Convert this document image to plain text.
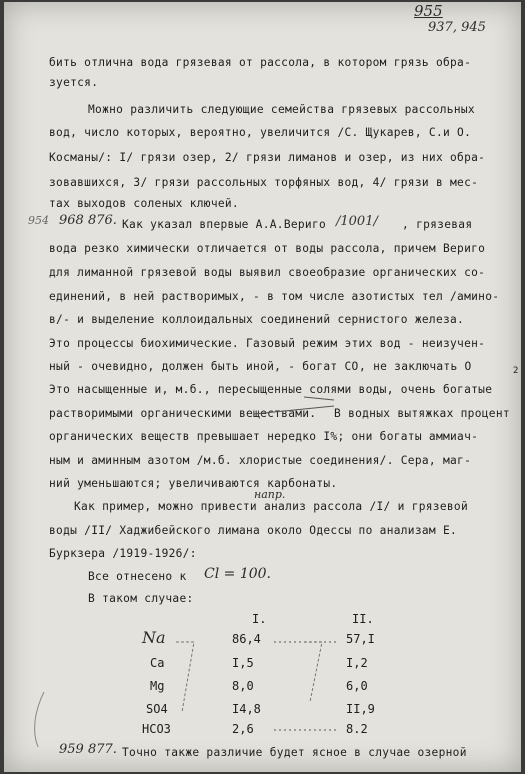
955
937, 945
бить отлична вода грязевая от рассола, в котором грязь обра-
зуется.
Можно различить следующие семейства грязевых рассольных
вод, число которых, вероятно, увеличится /С. Щукарев, С.и О.
Косманы/: I/ грязи озер, 2/ грязи лиманов и озер, из них обра-
зовавшихся, 3/ грязи рассольных торфяных вод, 4/ грязи в мес-
тах выходов соленых ключей.
954 968 876. Как указал впервые А.А.Вериго /1001/ , грязевая
вода резко химически отличается от воды рассола, причем Вериго
для лиманной грязевой воды выявил своеобразие органических со-
единений, в ней растворимых, - в том числе азотистых тел /амино-
в/- и выделение коллоидальных соединений сернистого железа.
Это процессы биохимические. Газовый режим этих вод - неизучен-
ный - очевидно, должен быть иной, - богат СО , не заключать O	2
Это насыщенные и, м.б., пересыщенные солями воды, очень богатые
растворимыми органическими веществами. В водных вытяжках процент
органических веществ превышает нередко I%; они богаты аммиач-
ным и аминным азотом /м.б. хлористые соединения/. Сера, маг-
ний уменьшаются; увеличиваются карбонаты.
напр.
Как пример, можно привести анализ рассола /I/ и грязевой
воды /II/ Хаджибейского лимана около Одессы по анализам Е.
Буркзера /1919-1926/:
Все отнесено к Cl = 100.
В таком случае:
I.	II.
Na	86,4	57,I
Ca	I,5	I,2
Mg	8,0	6,0
SO4	I4,8	II,9
HCO3	2,6	8.2
959 877. Точно также различие будет ясное в случае озерной
